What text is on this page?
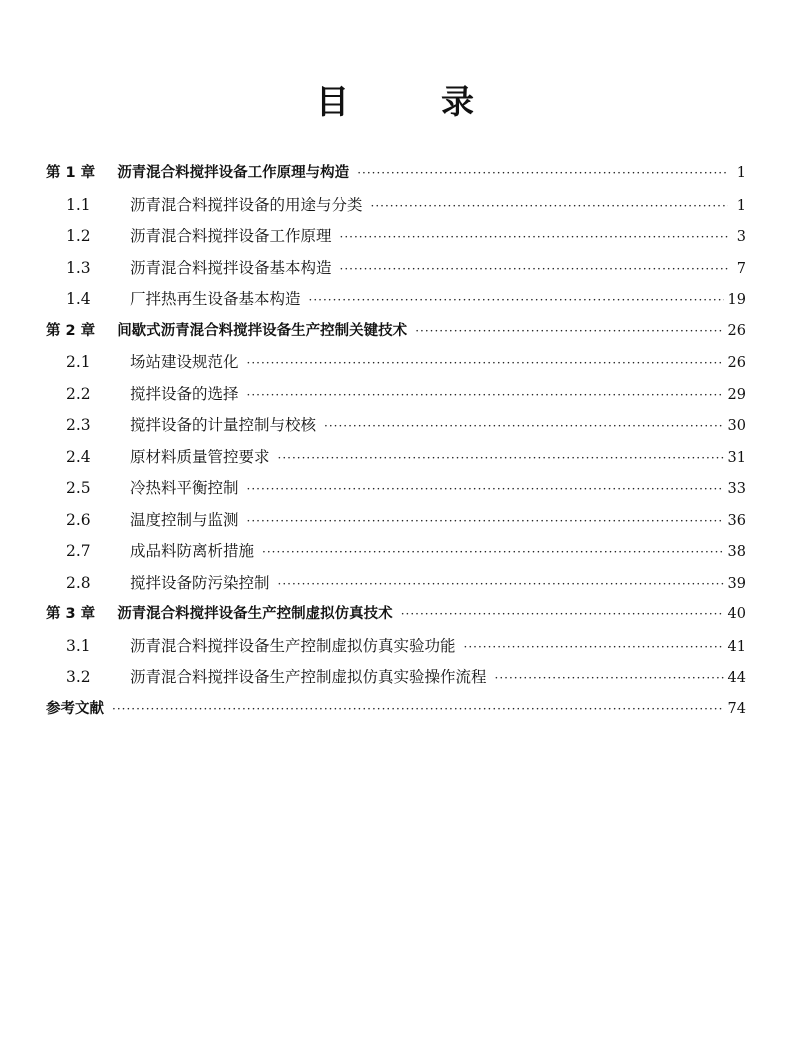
目	录
第 1 章 沥青混合料搅拌设备工作原理与构造 ·····	1
1.1	沥青混合料搅拌设备的用途与分类 ·····	1
1.2	沥青混合料搅拌设备工作原理 ·····	3
1.3	沥青混合料搅拌设备基本构造 ·····	7
1.4	厂拌热再生设备基本构造 ·····	19
第 2 章 间歇式沥青混合料搅拌设备生产控制关键技术 ·····	26
2.1	场站建设规范化 ·····	26
2.2	搅拌设备的选择 ·····	29
2.3	搅拌设备的计量控制与校核 ·····	30
2.4	原材料质量管控要求 ·····	31
2.5	冷热料平衡控制 ·····	33
2.6	温度控制与监测 ·····	36
2.7	成品料防离析措施 ·····	38
2.8	搅拌设备防污染控制 ·····	39
第 3 章 沥青混合料搅拌设备生产控制虚拟仿真技术 ·····	40
3.1	沥青混合料搅拌设备生产控制虚拟仿真实验功能 ·····	41
3.2	沥青混合料搅拌设备生产控制虚拟仿真实验操作流程 ·····	44
参考文献 ·····	74
